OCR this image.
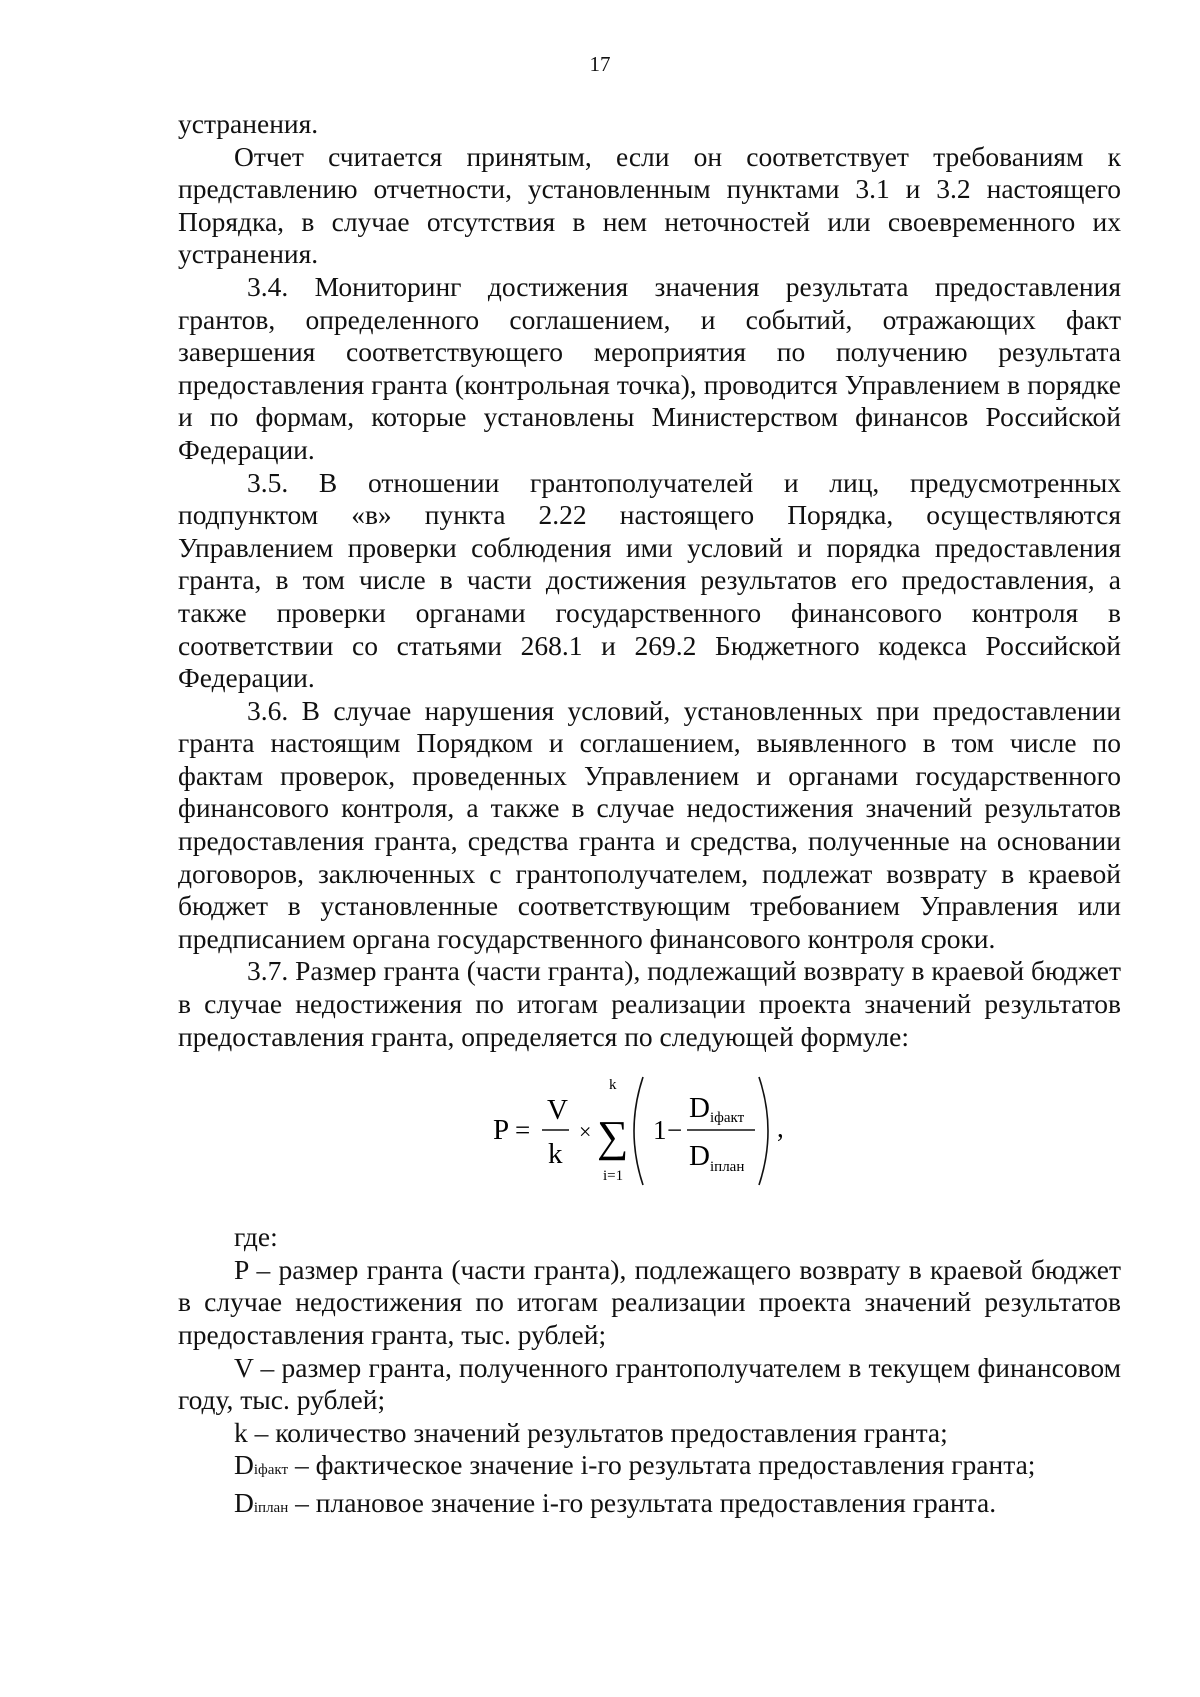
17

устранения.

Отчет считается принятым, если он соответствует требованиям к представлению отчетности, установленным пунктами 3.1 и 3.2 настоящего Порядка, в случае отсутствия в нем неточностей или своевременного их устранения.

3.4. Мониторинг достижения значения результата предоставления грантов, определенного соглашением, и событий, отражающих факт завершения соответствующего мероприятия по получению результата предоставления гранта (контрольная точка), проводится Управлением в порядке и по формам, которые установлены Министерством финансов Российской Федерации.

3.5. В отношении грантополучателей и лиц, предусмотренных подпунктом «в» пункта 2.22 настоящего Порядка, осуществляются Управлением проверки соблюдения ими условий и порядка предоставления гранта, в том числе в части достижения результатов его предоставления, а также проверки органами государственного финансового контроля в соответствии со статьями 268.1 и 269.2 Бюджетного кодекса Российской Федерации.

3.6. В случае нарушения условий, установленных при предоставлении гранта настоящим Порядком и соглашением, выявленного в том числе по фактам проверок, проведенных Управлением и органами государственного финансового контроля, а также в случае недостижения значений результатов предоставления гранта, средства гранта и средства, полученные на основании договоров, заключенных с грантополучателем, подлежат возврату в краевой бюджет в установленные соответствующим требованием Управления или предписанием органа государственного финансового контроля сроки.

3.7. Размер гранта (части гранта), подлежащий возврату в краевой бюджет в случае недостижения по итогам реализации проекта значений результатов предоставления гранта, определяется по следующей формуле:

P =
V
k
×
k
∑
i=1
1 −
D iфакт
D iплан
,

где:

P – размер гранта (части гранта), подлежащего возврату в краевой бюджет в случае недостижения по итогам реализации проекта значений результатов предоставления гранта, тыс. рублей;

V – размер гранта, полученного грантополучателем в текущем финансовом году, тыс. рублей;

k – количество значений результатов предоставления гранта;

Diфакт – фактическое значение i-го результата предоставления гранта;

Diплан – плановое значение i-го результата предоставления гранта.
